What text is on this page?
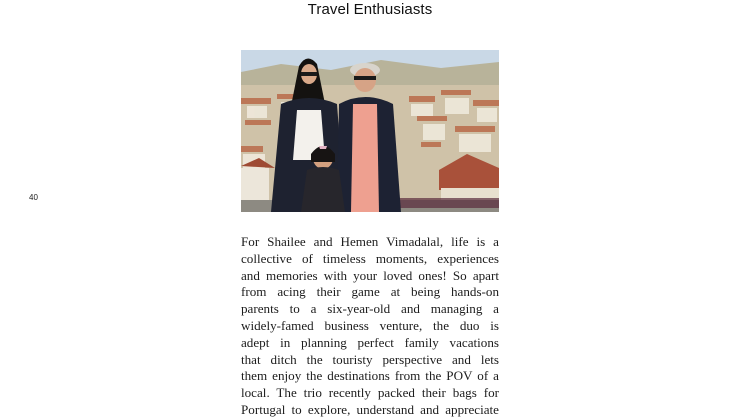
Travel Enthusiasts
40

For Shailee and Hemen Vimadalal, life is a

collective of timeless moments, experiences

and memories with your loved ones! So apart

from acing their game at being hands-on

parents to a six-year-old and managing a

widely-famed business venture, the duo is

adept in planning perfect family vacations

that ditch the touristy perspective and lets

them enjoy the destinations from the POV of a

local. The trio recently packed their bags for

Portugal to explore, understand and appreciate
